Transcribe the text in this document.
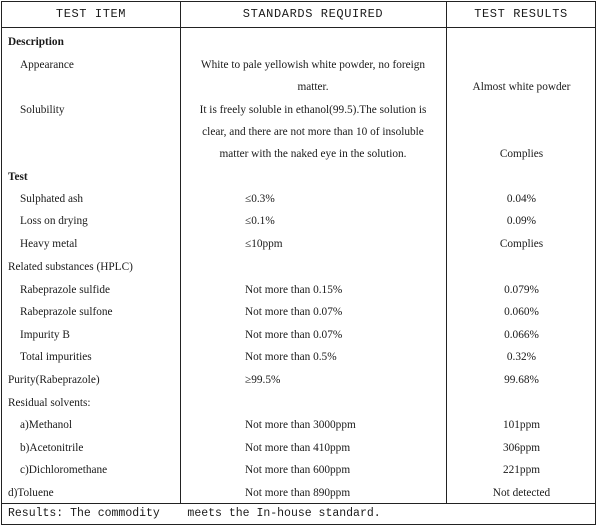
TEST ITEM	STANDARDS REQUIRED	TEST RESULTS
Description
Appearance	White to pale yellowish white powder, no foreign
matter.	Almost white powder
Solubility	It is freely soluble in ethanol(99.5).The solution is
clear, and there are not more than 10 of insoluble
matter with the naked eye in the solution.	Complies
Test
Sulphated ash	≤0.3%	0.04%
Loss on drying	≤0.1%	0.09%
Heavy metal	≤10ppm	Complies
Related substances (HPLC)
Rabeprazole sulfide	Not more than 0.15%	0.079%
Rabeprazole sulfone	Not more than 0.07%	0.060%
Impurity B	Not more than 0.07%	0.066%
Total impurities	Not more than 0.5%	0.32%
Purity(Rabeprazole)	≥99.5%	99.68%
Residual solvents:
a)Methanol	Not more than 3000ppm	101ppm
b)Acetonitrile	Not more than 410ppm	306ppm
c)Dichloromethane	Not more than 600ppm	221ppm
d)Toluene	Not more than 890ppm	Not detected
Results: The commodity    meets the In-house standard.
